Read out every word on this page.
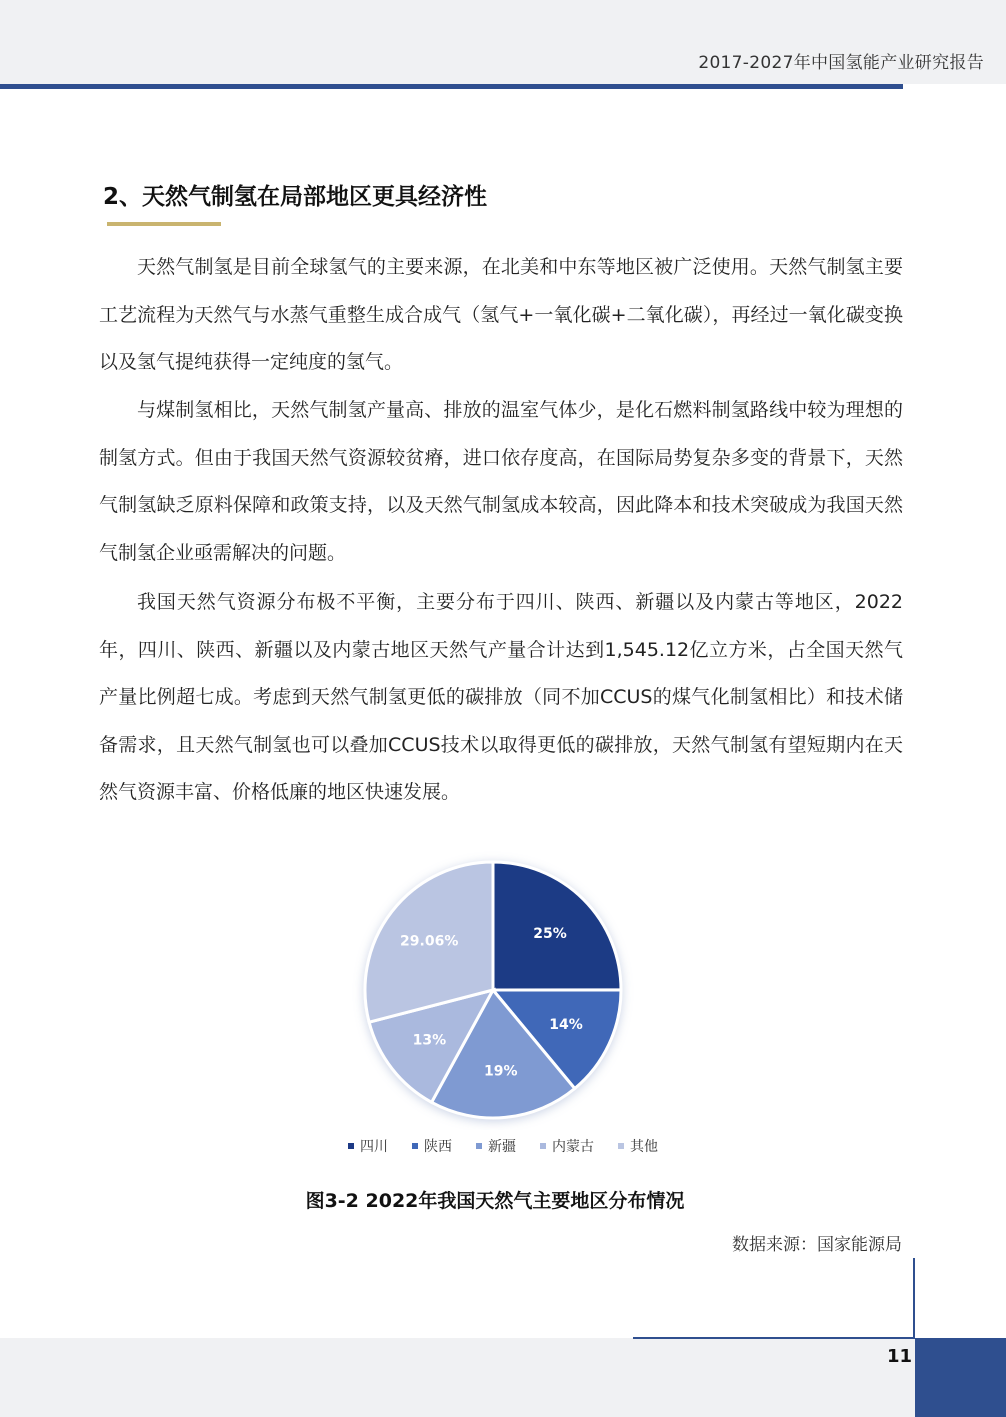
2017-2027年中国氢能产业研究报告
2、天然气制氢在局部地区更具经济性

天然气制氢是目前全球氢气的主要来源，在北美和中东等地区被广泛使用。天然气制氢主要工艺流程为天然气与水蒸气重整生成合成气（氢气+一氧化碳+二氧化碳），再经过一氧化碳变换以及氢气提纯获得一定纯度的氢气。

与煤制氢相比，天然气制氢产量高、排放的温室气体少，是化石燃料制氢路线中较为理想的制氢方式。但由于我国天然气资源较贫瘠，进口依存度高，在国际局势复杂多变的背景下，天然气制氢缺乏原料保障和政策支持，以及天然气制氢成本较高，因此降本和技术突破成为我国天然气制氢企业亟需解决的问题。

我国天然气资源分布极不平衡，主要分布于四川、陕西、新疆以及内蒙古等地区，2022年，四川、陕西、新疆以及内蒙古地区天然气产量合计达到1,545.12亿立方米，占全国天然气产量比例超七成。考虑到天然气制氢更低的碳排放（同不加CCUS的煤气化制氢相比）和技术储备需求，且天然气制氢也可以叠加CCUS技术以取得更低的碳排放，天然气制氢有望短期内在天然气资源丰富、价格低廉的地区快速发展。

25%
14%
19%
13%
29.06%
四川	陕西	新疆	内蒙古	其他
图3-2 2022年我国天然气主要地区分布情况
数据来源：国家能源局
11
